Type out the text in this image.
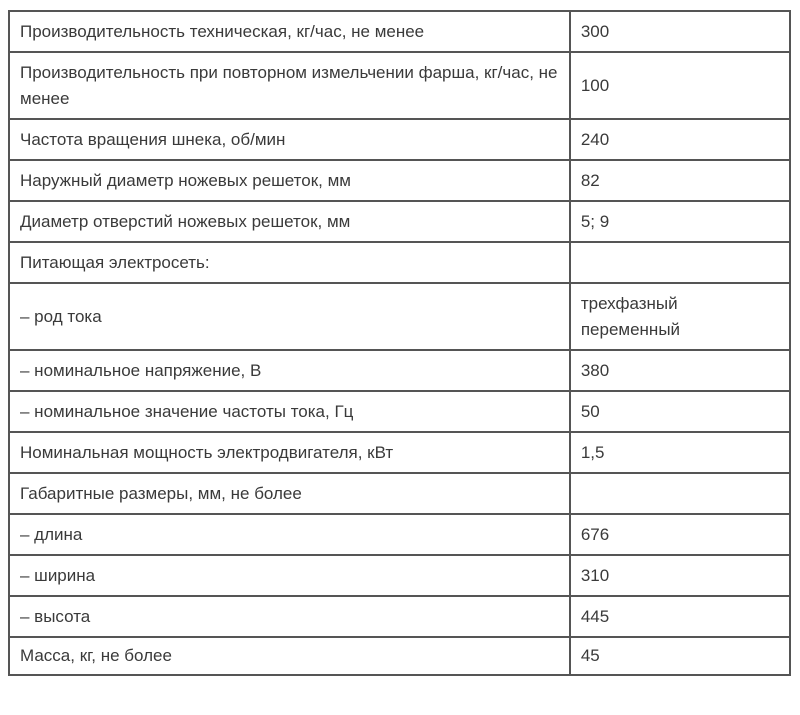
Производительность техническая, кг/час, не менее	300
Производительность при повторном измельчении фарша, кг/час, не менее	100
Частота вращения шнека, об/мин	240
Наружный диаметр ножевых решеток, мм	82
Диаметр отверстий ножевых решеток, мм	5; 9
Питающая электросеть:	
– род тока	трехфазный переменный
– номинальное напряжение, В	380
– номинальное значение частоты тока, Гц	50
Номинальная мощность электродвигателя, кВт	1,5
Габаритные размеры, мм, не более	
– длина	676
– ширина	310
– высота	445
Масса, кг, не более	45
